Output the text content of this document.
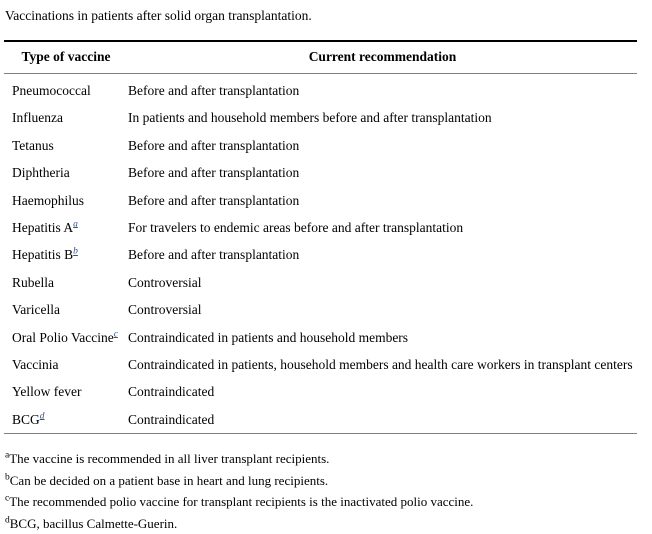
Vaccinations in patients after solid organ transplantation.
Type of vaccine	Current recommendation
Pneumococcal	Before and after transplantation
Influenza	In patients and household members before and after transplantation
Tetanus	Before and after transplantation
Diphtheria	Before and after transplantation
Haemophilus	Before and after transplantation
Hepatitis A$^a$	For travelers to endemic areas before and after transplantation
Hepatitis B$^b$	Before and after transplantation
Rubella	Controversial
Varicella	Controversial
Oral Polio Vaccine$^c$	Contraindicated in patients and household members
Vaccinia	Contraindicated in patients, household members and health care workers in transplant centers
Yellow fever	Contraindicated
BCG$^d$	Contraindicated
$^a$The vaccine is recommended in all liver transplant recipients.
$^b$Can be decided on a patient base in heart and lung recipients.
$^c$The recommended polio vaccine for transplant recipients is the inactivated polio vaccine.
$^d$BCG, bacillus Calmette-Guerin.
